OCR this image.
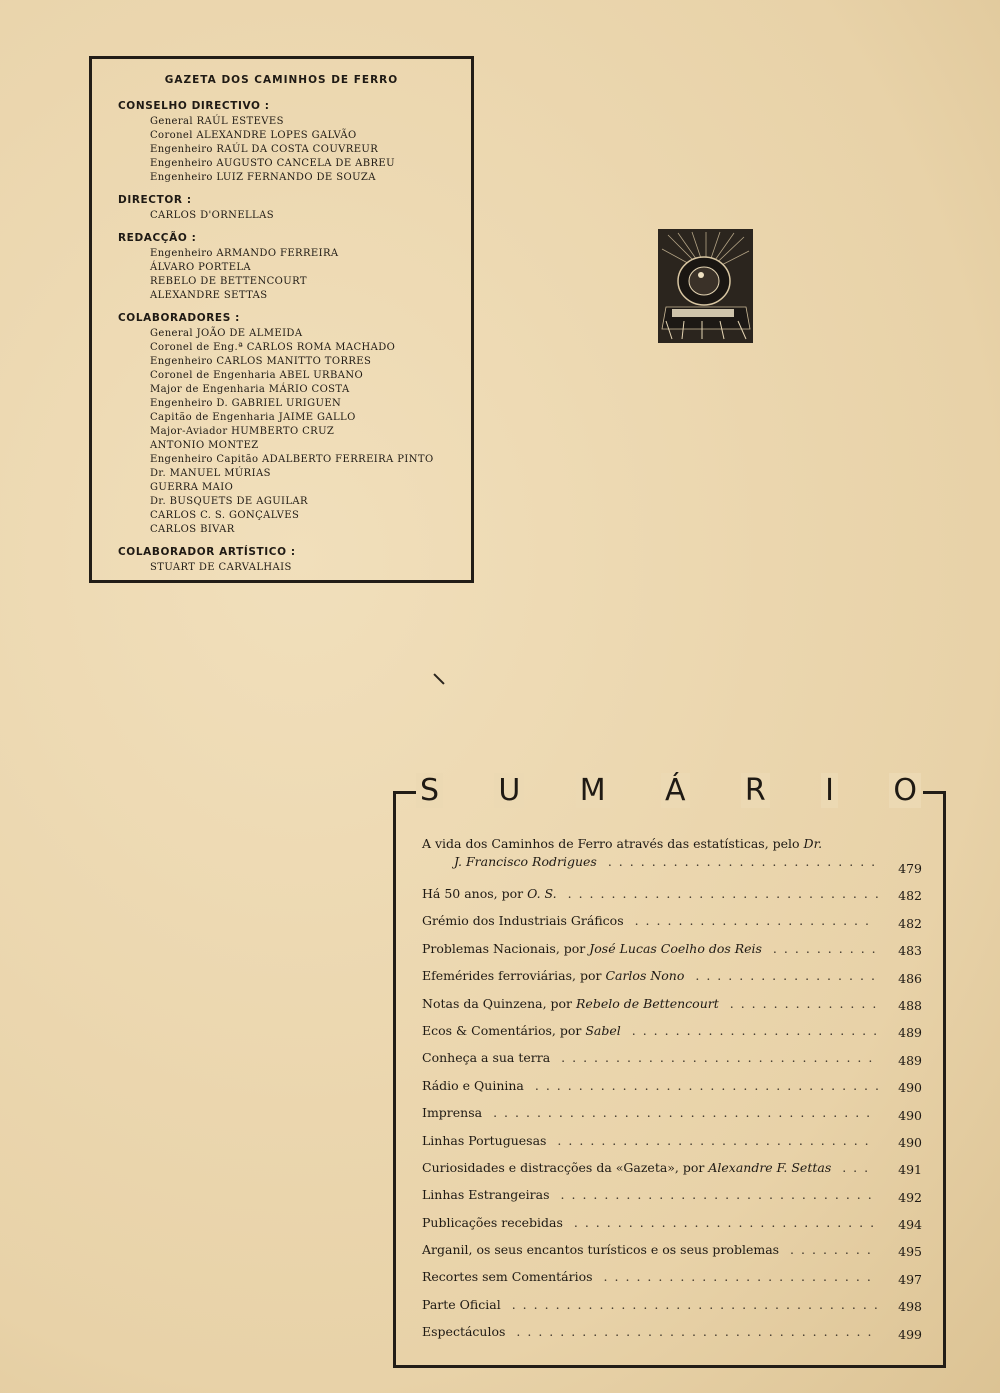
GAZETA DOS CAMINHOS DE FERRO
CONSELHO DIRECTIVO :
General RAÚL ESTEVES
Coronel ALEXANDRE LOPES GALVÃO
Engenheiro RAÚL DA COSTA COUVREUR
Engenheiro AUGUSTO CANCELA DE ABREU
Engenheiro LUIZ FERNANDO DE SOUZA
DIRECTOR :
CARLOS D'ORNELLAS
REDACÇÃO :
Engenheiro ARMANDO FERREIRA
ÁLVARO PORTELA
REBELO DE BETTENCOURT
ALEXANDRE SETTAS
COLABORADORES :
General JOÃO DE ALMEIDA
Coronel de Eng.ª CARLOS ROMA MACHADO
Engenheiro CARLOS MANITTO TORRES
Coronel de Engenharia ABEL URBANO
Major de Engenharia MÁRIO COSTA
Engenheiro D. GABRIEL URIGUEN
Capitão de Engenharia JAIME GALLO
Major-Aviador HUMBERTO CRUZ
ANTONIO MONTEZ
Engenheiro Capitão ADALBERTO FERREIRA PINTO
Dr. MANUEL MÚRIAS
GUERRA MAIO
Dr. BUSQUETS DE AGUILAR
CARLOS C. S. GONÇALVES
CARLOS BIVAR
COLABORADOR ARTÍSTICO :
STUART DE CARVALHAIS
S U M Á R I O
A vida dos Caminhos de Ferro através das estatísticas, pelo Dr.
J. Francisco Rodrigues .........................	479
Há 50 anos, por O. S. ............................. 482
Grémio dos Industriais Gráficos ......................	482
Problemas Nacionais, por José Lucas Coelho dos Reis ..........	483
Efemérides ferroviárias, por Carlos Nono .................	486
Notas da Quinzena, por Rebelo de Bettencourt ..............	488
Ecos & Comentários, por Sabel .......................	489
Conheça a sua terra .............................	489
Rádio e Quinina ................................ 490
Imprensa ...................................	490
Linhas Portuguesas .............................	490
Curiosidades e distracções da «Gazeta», por Alexandre F. Settas ...	491
Linhas Estrangeiras .............................	492
Publicações recebidas ............................	494
Arganil, os seus encantos turísticos e os seus problemas ........	495
Recortes sem Comentários .........................	497
Parte Oficial ..................................	498
Espectáculos .................................	499
